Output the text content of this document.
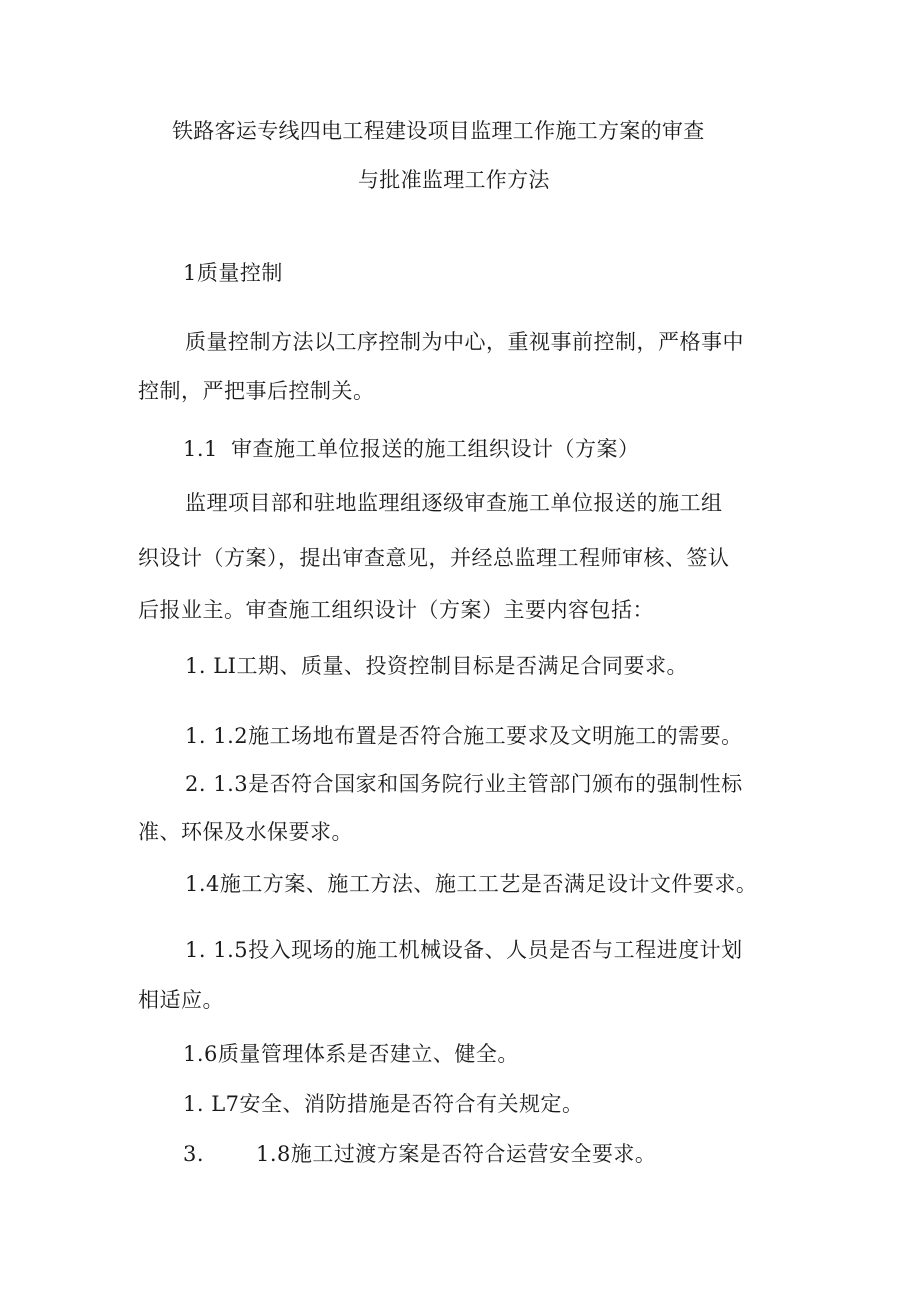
铁路客运专线四电工程建设项目监理工作施工方案的审查
与批准监理工作方法
1质量控制
质量控制方法以工序控制为中心，重视事前控制，严格事中
控制，严把事后控制关。
1.1 审查施工单位报送的施工组织设计（方案）
监理项目部和驻地监理组逐级审查施工单位报送的施工组
织设计（方案），提出审查意见，并经总监理工程师审核、签认
后报业主。审查施工组织设计（方案）主要内容包括：
1. LI工期、质量、投资控制目标是否满足合同要求。
1. 1.2施工场地布置是否符合施工要求及文明施工的需要。
2. 1.3是否符合国家和国务院行业主管部门颁布的强制性标
准、环保及水保要求。
1.4施工方案、施工方法、施工工艺是否满足设计文件要求。
1. 1.5投入现场的施工机械设备、人员是否与工程进度计划
相适应。
1.6质量管理体系是否建立、健全。
1. L7安全、消防措施是否符合有关规定。
3. 1.8施工过渡方案是否符合运营安全要求。
